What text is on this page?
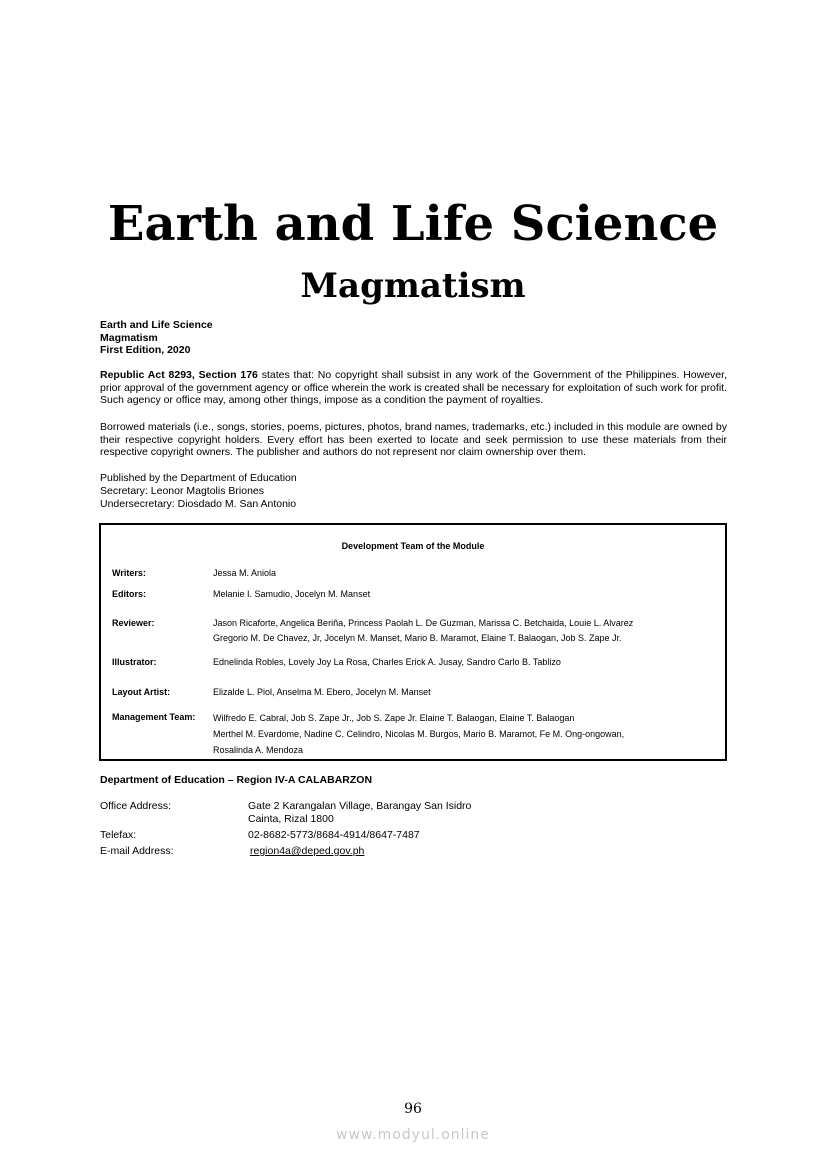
Earth and Life Science
Magmatism
Earth and Life Science
Magmatism
First Edition, 2020
Republic Act 8293, Section 176 states that: No copyright shall subsist in any work of the Government of the Philippines. However, prior approval of the government agency or office wherein the work is created shall be necessary for exploitation of such work for profit. Such agency or office may, among other things, impose as a condition the payment of royalties.
Borrowed materials (i.e., songs, stories, poems, pictures, photos, brand names, trademarks, etc.) included in this module are owned by their respective copyright holders. Every effort has been exerted to locate and seek permission to use these materials from their respective copyright owners. The publisher and authors do not represent nor claim ownership over them.
Published by the Department of Education
Secretary: Leonor Magtolis Briones
Undersecretary: Diosdado M. San Antonio
Development Team of the Module
Writers:	Jessa M. Aniola
Editors:	Melanie I. Samudio, Jocelyn M. Manset
Reviewer:	Jason Ricaforte, Angelica Beriña, Princess Paolah L. De Guzman, Marissa C. Betchaida, Louie L. Alvarez
Gregorio M. De Chavez, Jr, Jocelyn M. Manset, Mario B. Maramot, Elaine T. Balaogan, Job S. Zape Jr.
Illustrator:	Ednelinda Robles, Lovely Joy La Rosa, Charles Erick A. Jusay, Sandro Carlo B. Tablizo
Layout Artist:	Elizalde L. Piol, Anselma M. Ebero, Jocelyn M. Manset
Management Team:	Wilfredo E. Cabral, Job S. Zape Jr., Job S. Zape Jr. Elaine T. Balaogan, Elaine T. Balaogan
Merthel M. Evardome, Nadine C. Celindro, Nicolas M. Burgos, Mario B. Maramot, Fe M. Ong-ongowan,
Rosalinda A. Mendoza
Department of Education – Region IV-A CALABARZON
Office Address:	Gate 2 Karangalan Village, Barangay San Isidro
Cainta, Rizal 1800
Telefax:	02-8682-5773/8684-4914/8647-7487
E-mail Address:	region4a@deped.gov.ph
96
www.modyul.online
